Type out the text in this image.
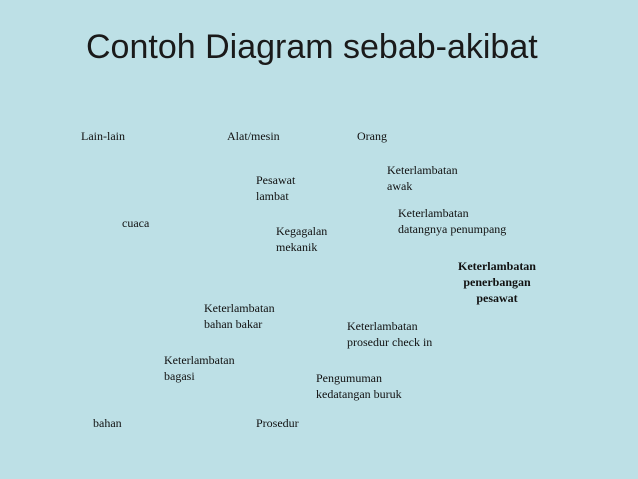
Contoh Diagram sebab-akibat
Lain-lain	Alat/mesin	Orang
bahan	Prosedur
cuaca
Pesawat
lambat
Kegagalan
mekanik
Keterlambatan
awak
Keterlambatan
datangnya penumpang
Keterlambatan
bahan bakar	Keterlambatan
prosedur check in
Keterlambatan
bagasi	Pengumuman
kedatangan buruk
Keterlambatan
penerbangan
pesawat
